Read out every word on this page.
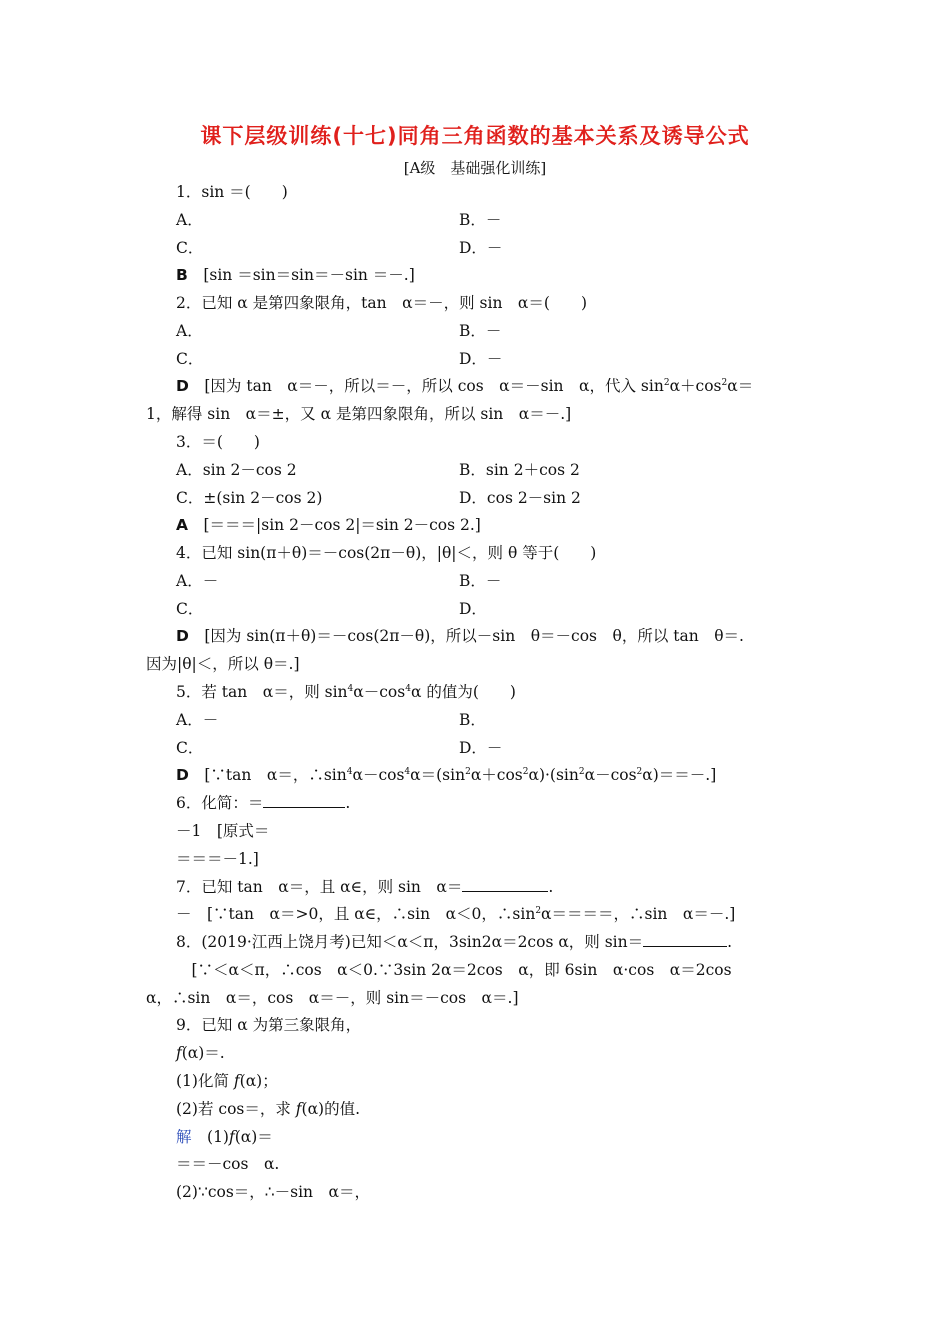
课下层级训练(十七)同角三角函数的基本关系及诱导公式
[A级　基础强化训练]
1．sin ＝(　　)
A．	B．－
C．	D．－
B　[sin ＝sin＝sin＝－sin ＝－.]
2．已知 α 是第四象限角，tan　α＝－，则 sin　α＝(　　)
A．	B．－
C．	D．－
D　[因为 tan　α＝－，所以＝－，所以 cos　α＝－sin　α，代入 $\sin^2\alpha+\cos^2\alpha=$
1，解得 sin　α＝±，又 α 是第四象限角，所以 sin　α＝－.]
3．＝(　　)
A．sin 2－cos 2	B．sin 2＋cos 2
C．±(sin 2－cos 2)	D．cos 2－sin 2
A　[＝＝＝|sin 2－cos 2|＝sin 2－cos 2.]
4．已知 sin(π＋θ)＝－cos(2π－θ)，|θ|＜，则 θ 等于(　　)
A．－	B．－
C．	D．
D　[因为 sin(π＋θ)＝－cos(2π－θ)，所以－sin　θ＝－cos　θ，所以 tan　θ＝.
因为|θ|＜，所以 θ＝.]
5．若 tan　α＝，则 $\sin^4\alpha-\cos^4\alpha$ 的值为(　　)
A．－	B．
C．	D．－
D　[∵tan　α＝，$\therefore\sin^4\alpha-\cos^4\alpha=(\sin^2\alpha+\cos^2\alpha)\cdot(\sin^2\alpha-\cos^2\alpha)==-$.]
6．化简：＝	.
－1　[原式＝
＝＝＝－1.]
7．已知 tan　α＝，且 α∈，则 sin　α＝	.
－　[∵tan　α＝>0，且 α∈，∴sin　α＜0，$\therefore\sin^2\alpha====$，∴sin　α＝－.]
8．(2019·江西上饶月考)已知＜α＜π，3sin2α＝2cos α，则 sin＝	.
　[∵＜α＜π，∴cos　α＜0.∵3sin 2α＝2cos　α，即 6sin　α·cos　α＝2cos
α，∴sin　α＝，cos　α＝－，则 sin＝－cos　α＝.]
9．已知 α 为第三象限角，
f(α)＝.
(1)化简 f(α)；
(2)若 cos＝，求 f(α)的值.
解　(1)f(α)＝
＝＝－cos　α.
(2)∵cos＝，∴－sin　α＝，
